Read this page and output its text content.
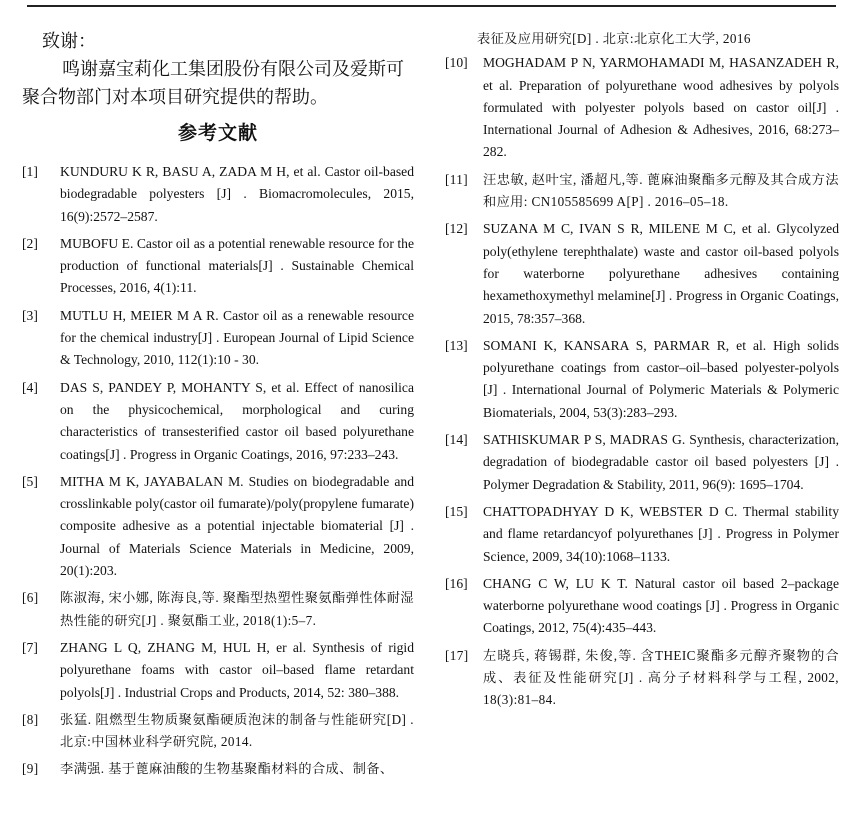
致谢：
鸣谢嘉宝莉化工集团股份有限公司及爱斯可聚合物部门对本项目研究提供的帮助。
参考文献
[1] KUNDURU K R, BASU A, ZADA M H, et al. Castor oil-based biodegradable polyesters [J] . Biomacromolecules, 2015, 16(9):2572–2587.
[2] MUBOFU E. Castor oil as a potential renewable resource for the production of functional materials[J] . Sustainable Chemical Processes, 2016, 4(1):11.
[3] MUTLU H, MEIER M A R. Castor oil as a renewable resource for the chemical industry[J] . European Journal of Lipid Science & Technology, 2010, 112(1):10 - 30.
[4] DAS S, PANDEY P, MOHANTY S, et al. Effect of nanosilica on the physicochemical, morphological and curing characteristics of transesterified castor oil based polyurethane coatings[J] . Progress in Organic Coatings, 2016, 97:233–243.
[5] MITHA M K, JAYABALAN M. Studies on biodegradable and crosslinkable poly(castor oil fumarate)/poly(propylene fumarate) composite adhesive as a potential injectable biomaterial [J] . Journal of Materials Science Materials in Medicine, 2009, 20(1):203.
[6] 陈淑海, 宋小娜, 陈海良,等. 聚酯型热塑性聚氨酯弹性体耐湿热性能的研究[J] . 聚氨酯工业, 2018(1):5–7.
[7] ZHANG L Q, ZHANG M, HUL H, er al. Synthesis of rigid polyurethane foams with castor oil–based flame retardant polyols[J] . Industrial Crops and Products, 2014, 52: 380–388.
[8] 张猛. 阻燃型生物质聚氨酯硬质泡沫的制备与性能研究[D] . 北京:中国林业科学研究院, 2014.
[9] 李满强. 基于蓖麻油酸的生物基聚酯材料的合成、制备、
表征及应用研究[D] . 北京:北京化工大学, 2016
[10] MOGHADAM P N, YARMOHAMADI M, HASANZADEH R, et al. Preparation of polyurethane wood adhesives by polyols formulated with polyester polyols based on castor oil[J] . International Journal of Adhesion & Adhesives, 2016, 68:273–282.
[11] 汪忠敏, 赵叶宝, 潘超凡,等. 蓖麻油聚酯多元醇及其合成方法和应用: CN105585699 A[P] . 2016–05–18.
[12] SUZANA M C, IVAN S R, MILENE M C, et al. Glycolyzed poly(ethylene terephthalate) waste and castor oil-based polyols for waterborne polyurethane adhesives containing hexamethoxymethyl melamine[J] . Progress in Organic Coatings, 2015, 78:357–368.
[13] SOMANI K, KANSARA S, PARMAR R, et al. High solids polyurethane coatings from castor–oil–based polyester-polyols [J] . International Journal of Polymeric Materials & Polymeric Biomaterials, 2004, 53(3):283–293.
[14] SATHISKUMAR P S, MADRAS G. Synthesis, characterization, degradation of biodegradable castor oil based polyesters [J] . Polymer Degradation & Stability, 2011, 96(9): 1695–1704.
[15] CHATTOPADHYAY D K, WEBSTER D C. Thermal stability and flame retardancyof polyurethanes [J] . Progress in Polymer Science, 2009, 34(10):1068–1133.
[16] CHANG C W, LU K T. Natural castor oil based 2–package waterborne polyurethane wood coatings [J] . Progress in Organic Coatings, 2012, 75(4):435–443.
[17] 左晓兵, 蒋锡群, 朱俊,等. 含THEIC聚酯多元醇齐聚物的合成、表征及性能研究[J] . 高分子材料科学与工程, 2002, 18(3):81–84.
